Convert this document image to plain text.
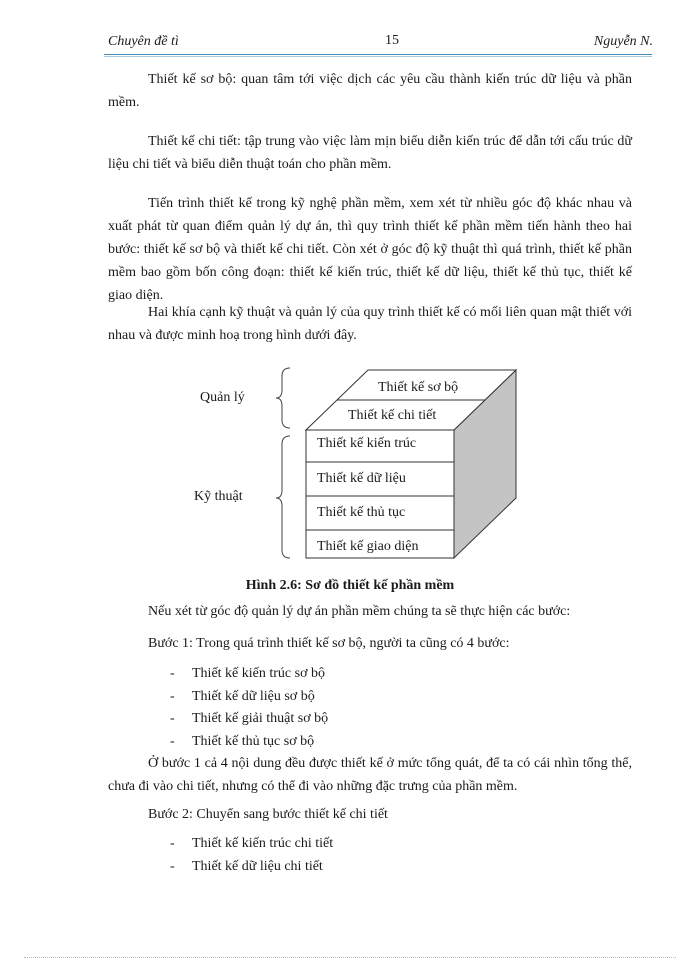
Chuyên đề tì	15	Nguyễn N.

Thiết kế sơ bộ: quan tâm tới việc dịch các yêu cầu thành kiến trúc dữ liệu và phần mềm.

Thiết kế chi tiết: tập trung vào việc làm mịn biểu diễn kiến trúc để dẫn tới cấu trúc dữ liệu chi tiết và biểu diễn thuật toán cho phần mềm.

Tiến trình thiết kế trong kỹ nghệ phần mềm, xem xét từ nhiều góc độ khác nhau và xuất phát từ quan điểm quản lý dự án, thì quy trình thiết kế phần mềm tiến hành theo hai bước: thiết kế sơ bộ và thiết kế chi tiết. Còn xét ở góc độ kỹ thuật thì quá trình, thiết kế phần mềm bao gồm bốn công đoạn: thiết kế kiến trúc, thiết kế dữ liệu, thiết kế thủ tục, thiết kế giao diện.

Hai khía cạnh kỹ thuật và quản lý của quy trình thiết kế có mối liên quan mật thiết với nhau và được minh hoạ trong hình dưới đây.

Quản lý
Kỹ thuật
Thiết kế sơ bộ
Thiết kế chi tiết
Thiết kế kiến trúc
Thiết kế dữ liệu
Thiết kế thủ tục
Thiết kế giao diện
Hình 2.6: Sơ đồ thiết kế phần mềm
Nếu xét từ góc độ quản lý dự án phần mềm chúng ta sẽ thực hiện các bước:
Bước 1: Trong quá trình thiết kế sơ bộ, người ta cũng có 4 bước:
- Thiết kế kiến trúc sơ bộ
- Thiết kế dữ liệu sơ bộ
- Thiết kế giải thuật sơ bộ
- Thiết kế thủ tục sơ bộ

Ở bước 1 cả 4 nội dung đều được thiết kế ở mức tổng quát, để ta có cái nhìn tổng thể, chưa đi vào chi tiết, nhưng có thể đi vào những đặc trưng của phần mềm.

Bước 2: Chuyển sang bước thiết kế chi tiết
- Thiết kế kiến trúc chi tiết
- Thiết kế dữ liệu chi tiết
